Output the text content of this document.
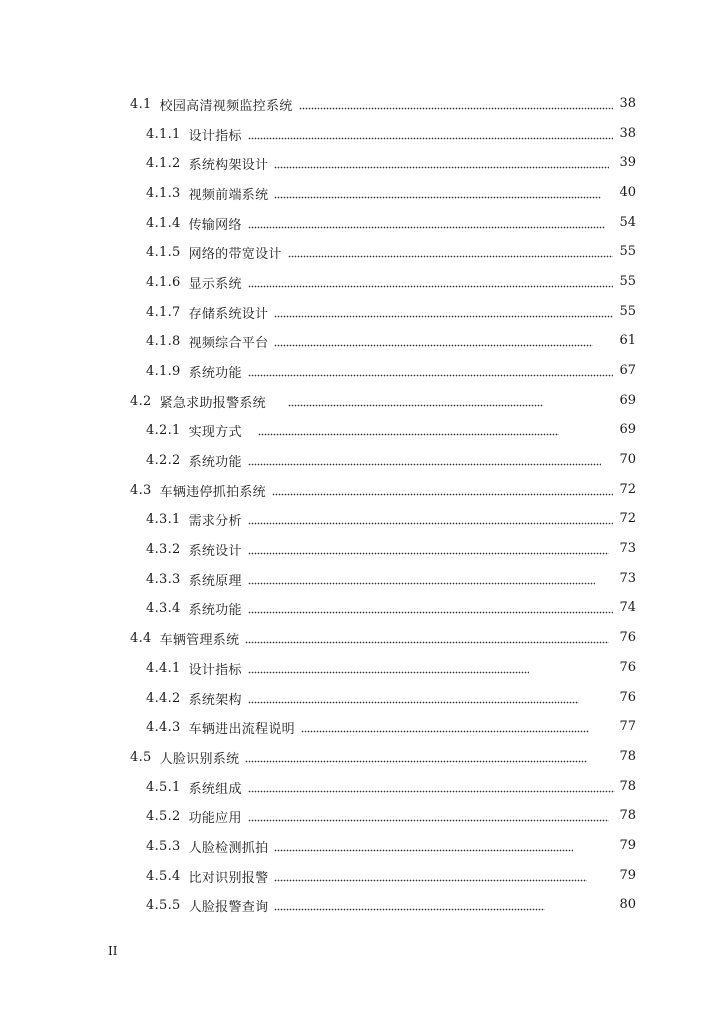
4.1 校园高清视频监控系统	38
4.1.1 设计指标	38
4.1.2 系统构架设计	39
4.1.3 视频前端系统	40
4.1.4 传输网络	54
4.1.5 网络的带宽设计	55
4.1.6 显示系统	55
4.1.7 存储系统设计	55
4.1.8 视频综合平台	61
4.1.9 系统功能	67
4.2 紧急求助报警系统	69
4.2.1 实现方式	69
4.2.2 系统功能	70
4.3 车辆违停抓拍系统	72
4.3.1 需求分析	72
4.3.2 系统设计	73
4.3.3 系统原理	73
4.3.4 系统功能	74
4.4 车辆管理系统	76
4.4.1 设计指标	76
4.4.2 系统架构	76
4.4.3 车辆进出流程说明	77
4.5 人脸识别系统	78
4.5.1 系统组成	78
4.5.2 功能应用	78
4.5.3 人脸检测抓拍	79
4.5.4 比对识别报警	79
4.5.5 人脸报警查询	80
II
